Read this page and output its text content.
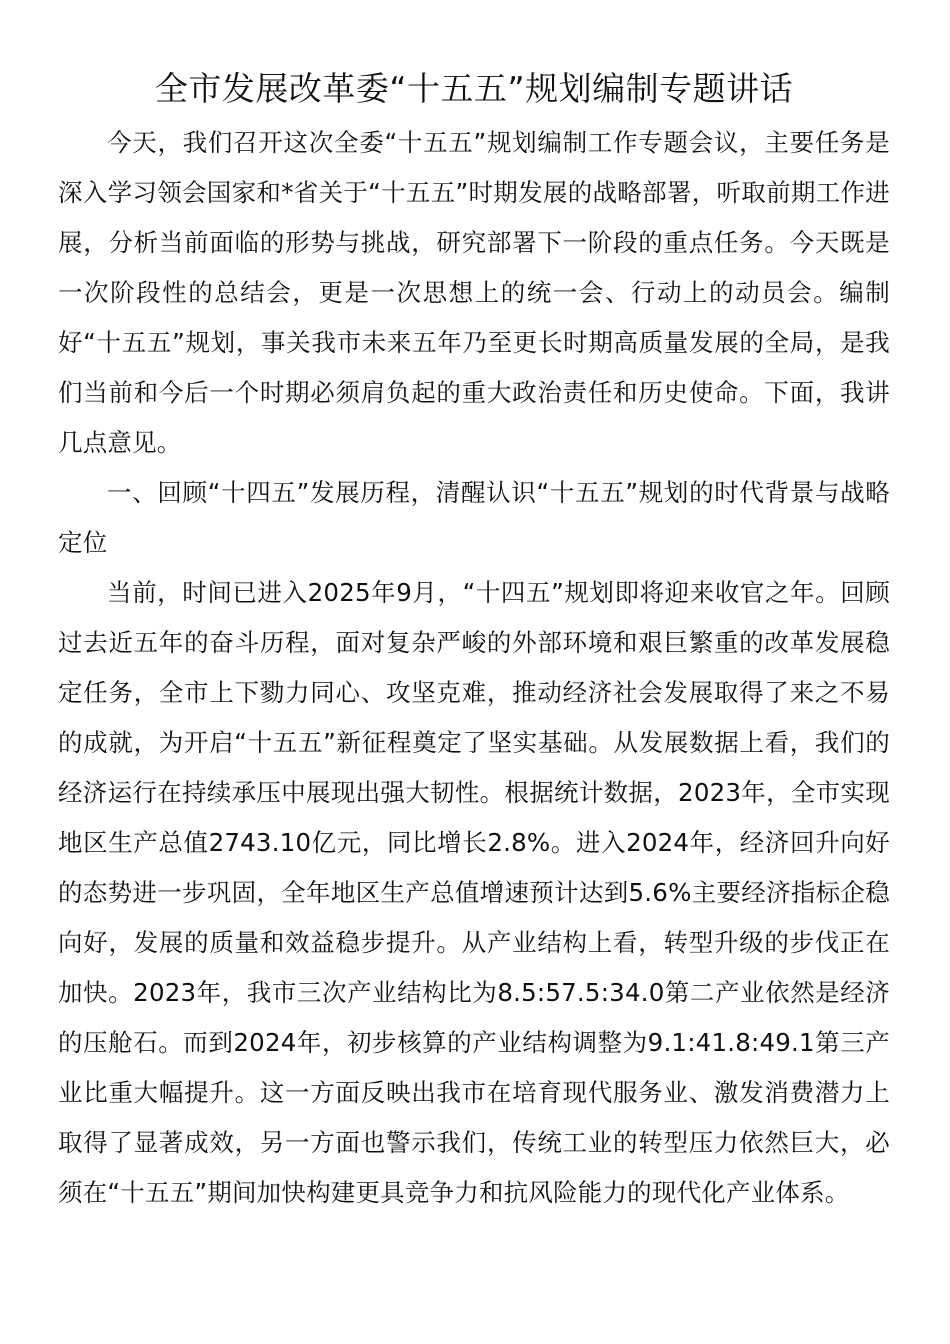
全市发展改革委“十五五”规划编制专题讲话

今天，我们召开这次全委“十五五”规划编制工作专题会议，主要任务是深入学习领会国家和*省关于“十五五”时期发展的战略部署，听取前期工作进展，分析当前面临的形势与挑战，研究部署下一阶段的重点任务。今天既是一次阶段性的总结会，更是一次思想上的统一会、行动上的动员会。编制好“十五五”规划，事关我市未来五年乃至更长时期高质量发展的全局，是我们当前和今后一个时期必须肩负起的重大政治责任和历史使命。下面，我讲几点意见。

一、回顾“十四五”发展历程，清醒认识“十五五”规划的时代背景与战略定位

当前，时间已进入2025年9月，“十四五”规划即将迎来收官之年。回顾过去近五年的奋斗历程，面对复杂严峻的外部环境和艰巨繁重的改革发展稳定任务，全市上下勠力同心、攻坚克难，推动经济社会发展取得了来之不易的成就，为开启“十五五”新征程奠定了坚实基础。从发展数据上看，我们的经济运行在持续承压中展现出强大韧性。根据统计数据，2023年，全市实现地区生产总值2743.10亿元，同比增长2.8%。进入2024年，经济回升向好的态势进一步巩固，全年地区生产总值增速预计达到5.6%主要经济指标企稳向好，发展的质量和效益稳步提升。从产业结构上看，转型升级的步伐正在加快。2023年，我市三次产业结构比为8.5:57.5:34.0第二产业依然是经济的压舱石。而到2024年，初步核算的产业结构调整为9.1:41.8:49.1第三产业比重大幅提升。这一方面反映出我市在培育现代服务业、激发消费潜力上取得了显著成效，另一方面也警示我们，传统工业的转型压力依然巨大，必须在“十五五”期间加快构建更具竞争力和抗风险能力的现代化产业体系。
